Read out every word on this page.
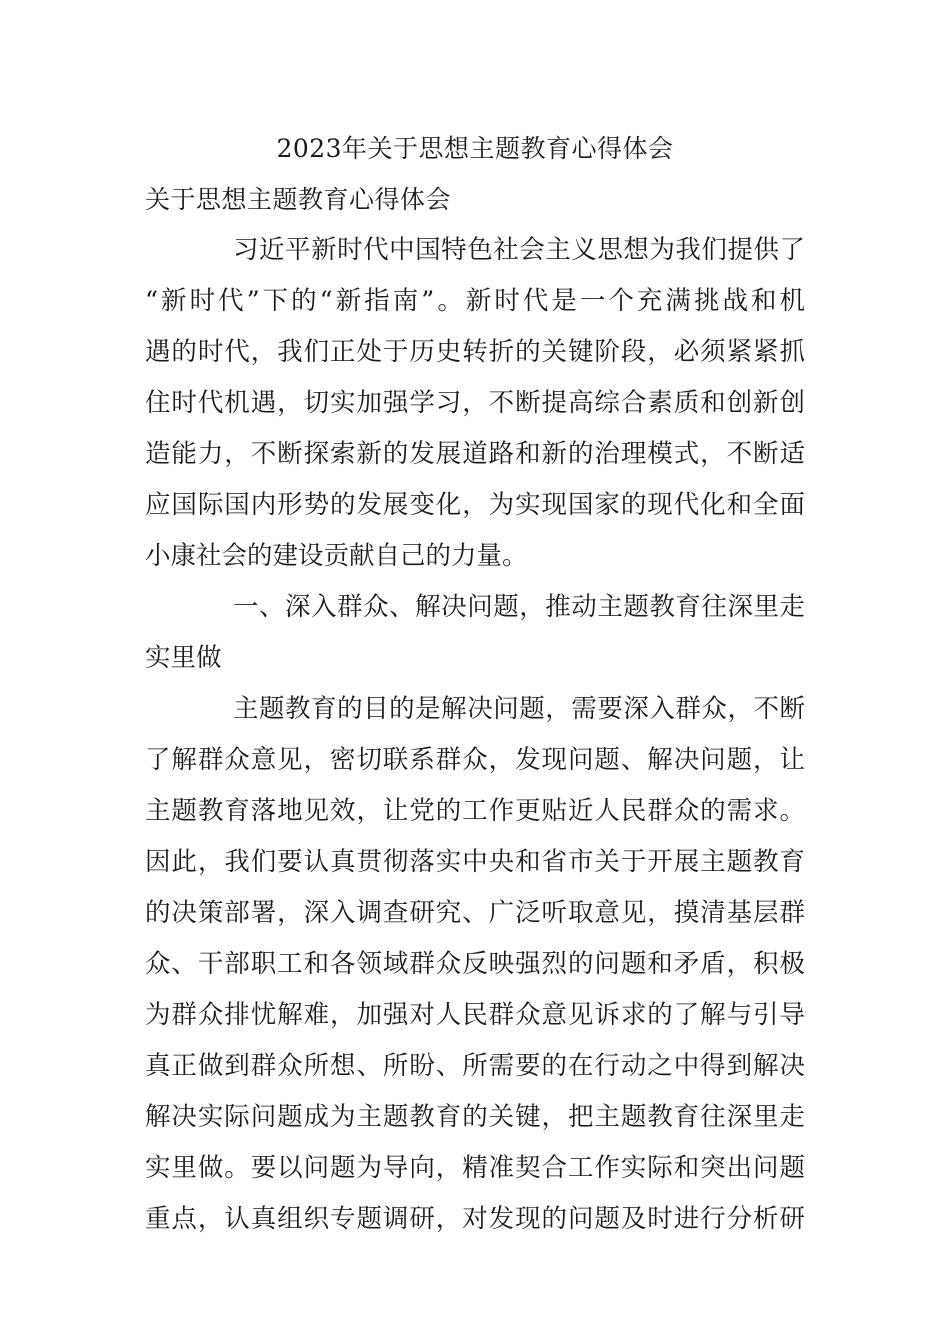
2023年关于思想主题教育心得体会
关于思想主题教育心得体会
习近平新时代中国特色社会主义思想为我们提供了
“新时代”下的“新指南”。新时代是一个充满挑战和机
遇的时代，我们正处于历史转折的关键阶段，必须紧紧抓
住时代机遇，切实加强学习，不断提高综合素质和创新创
造能力，不断探索新的发展道路和新的治理模式，不断适
应国际国内形势的发展变化，为实现国家的现代化和全面
小康社会的建设贡献自己的力量。
一、深入群众、解决问题，推动主题教育往深里走
实里做
主题教育的目的是解决问题，需要深入群众，不断
了解群众意见，密切联系群众，发现问题、解决问题，让
主题教育落地见效，让党的工作更贴近人民群众的需求。
因此，我们要认真贯彻落实中央和省市关于开展主题教育
的决策部署，深入调查研究、广泛听取意见，摸清基层群
众、干部职工和各领域群众反映强烈的问题和矛盾，积极
为群众排忧解难，加强对人民群众意见诉求的了解与引导
真正做到群众所想、所盼、所需要的在行动之中得到解决
解决实际问题成为主题教育的关键，把主题教育往深里走
实里做。要以问题为导向，精准契合工作实际和突出问题
重点，认真组织专题调研，对发现的问题及时进行分析研
